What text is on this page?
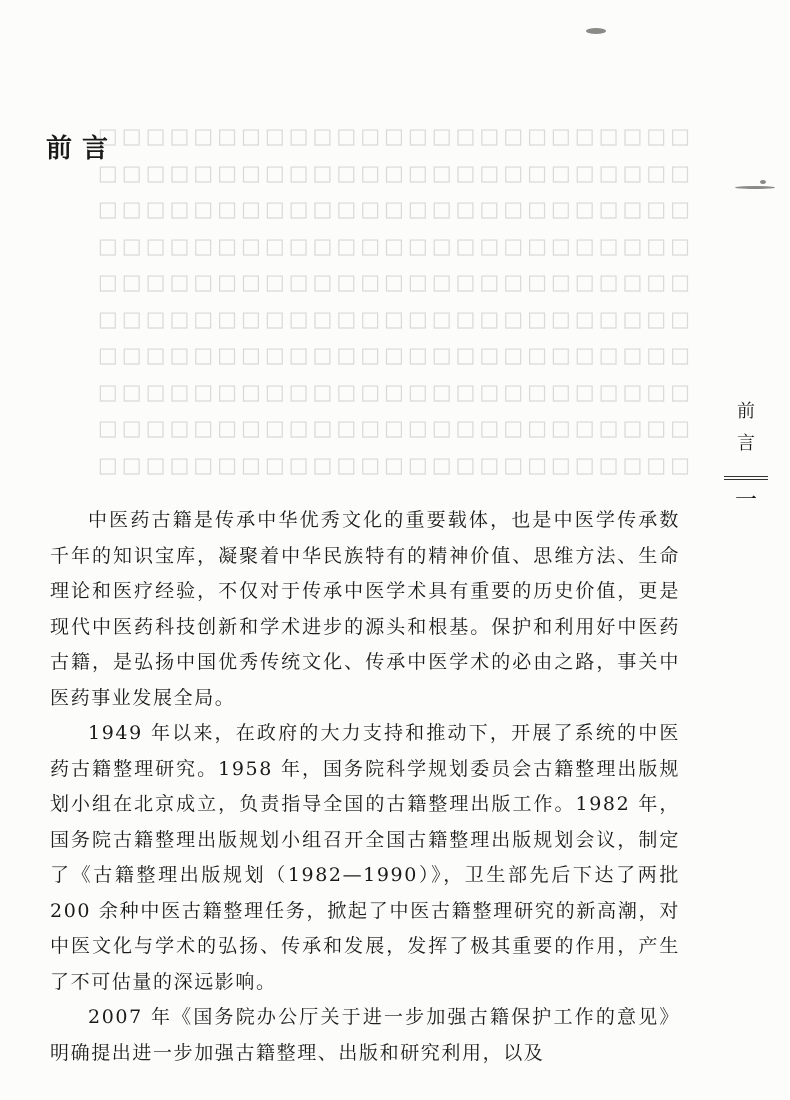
□□□□□□□□□□□□□□□□□□□□□□□□□
□□□□□□□□□□□□□□□□□□□□□□□□□
□□□□□□□□□□□□□□□□□□□□□□□□□
□□□□□□□□□□□□□□□□□□□□□□□□□
□□□□□□□□□□□□□□□□□□□□□□□□□
□□□□□□□□□□□□□□□□□□□□□□□□□
□□□□□□□□□□□□□□□□□□□□□□□□□
□□□□□□□□□□□□□□□□□□□□□□□□□
□□□□□□□□□□□□□□□□□□□□□□□□□
□□□□□□□□□□□□□□□□□□□□□□□□□
前言

中医药古籍是传承中华优秀文化的重要载体，也是中医学传承数千年的知识宝库，凝聚着中华民族特有的精神价值、思维方法、生命理论和医疗经验，不仅对于传承中医学术具有重要的历史价值，更是现代中医药科技创新和学术进步的源头和根基。保护和利用好中医药古籍，是弘扬中国优秀传统文化、传承中医学术的必由之路，事关中医药事业发展全局。

1949 年以来，在政府的大力支持和推动下，开展了系统的中医药古籍整理研究。1958 年，国务院科学规划委员会古籍整理出版规划小组在北京成立，负责指导全国的古籍整理出版工作。1982 年，国务院古籍整理出版规划小组召开全国古籍整理出版规划会议，制定了《古籍整理出版规划（1982—1990）》，卫生部先后下达了两批 200 余种中医古籍整理任务，掀起了中医古籍整理研究的新高潮，对中医文化与学术的弘扬、传承和发展，发挥了极其重要的作用，产生了不可估量的深远影响。

2007 年《国务院办公厅关于进一步加强古籍保护工作的意见》明确提出进一步加强古籍整理、出版和研究利用，以及

前言
一
